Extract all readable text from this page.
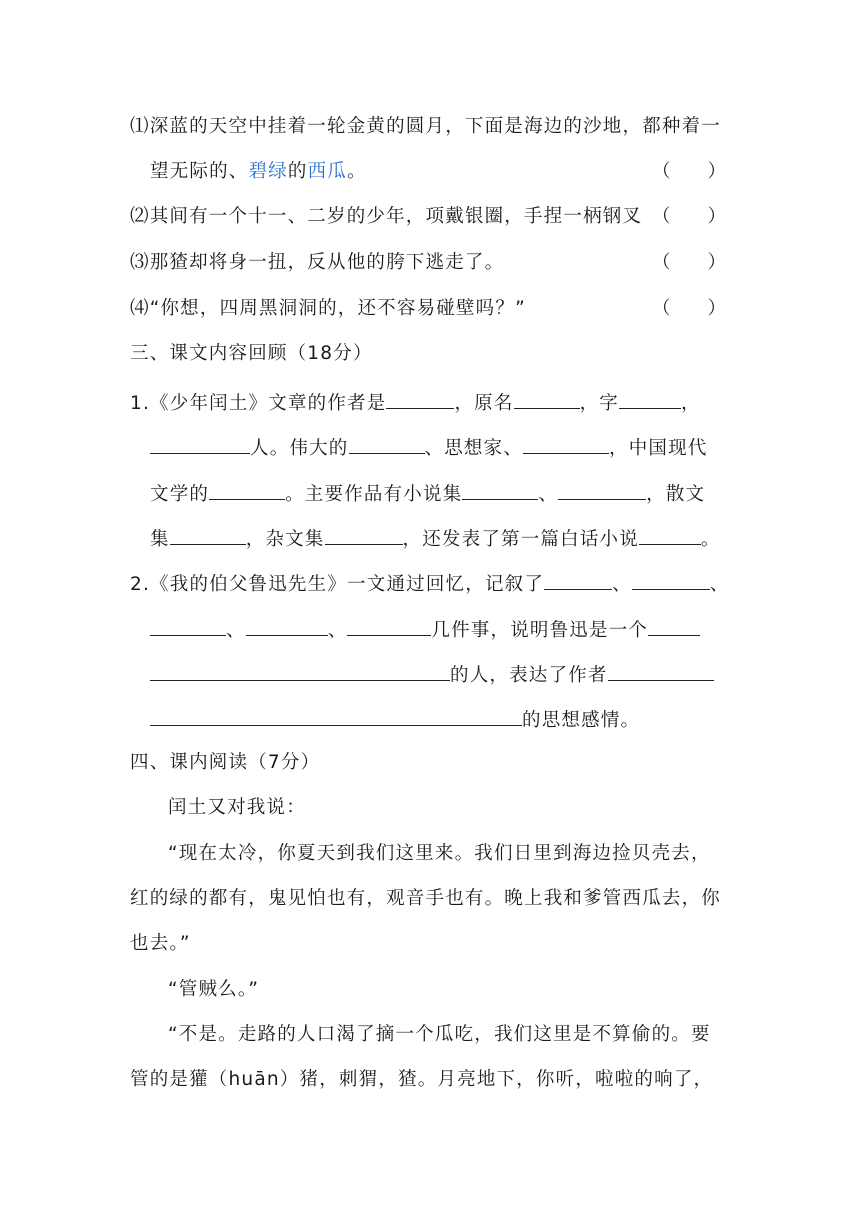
⑴深蓝的天空中挂着一轮金黄的圆月，下面是海边的沙地，都种着一
望无际的、碧绿的西瓜。	（　　）
⑵其间有一个十一、二岁的少年，项戴银圈，手捏一柄钢叉 （　　）
⑶那猹却将身一扭，反从他的胯下逃走了。	（　　）
⑷“你想，四周黑洞洞的，还不容易碰壁吗？”	（　　）
三、课文内容回顾（18分）
1.《少年闰土》文章的作者是	，原名	，字	，
人。伟大的	、思想家、	，中国现代
文学的	。主要作品有小说集	、	，散文
集	，杂文集	，还发表了第一篇白话小说	。
2.《我的伯父鲁迅先生》一文通过回忆，记叙了	、	、
、	、	几件事，说明鲁迅是一个
的人，表达了作者
的思想感情。
四、课内阅读（7分）
闰土又对我说：
“现在太冷，你夏天到我们这里来。我们日里到海边捡贝壳去，
红的绿的都有，鬼见怕也有，观音手也有。晚上我和爹管西瓜去，你
也去。”
“管贼么。”
“不是。走路的人口渴了摘一个瓜吃，我们这里是不算偷的。要
管的是獾（huān）猪，刺猬，猹。月亮地下，你听，啦啦的响了，
